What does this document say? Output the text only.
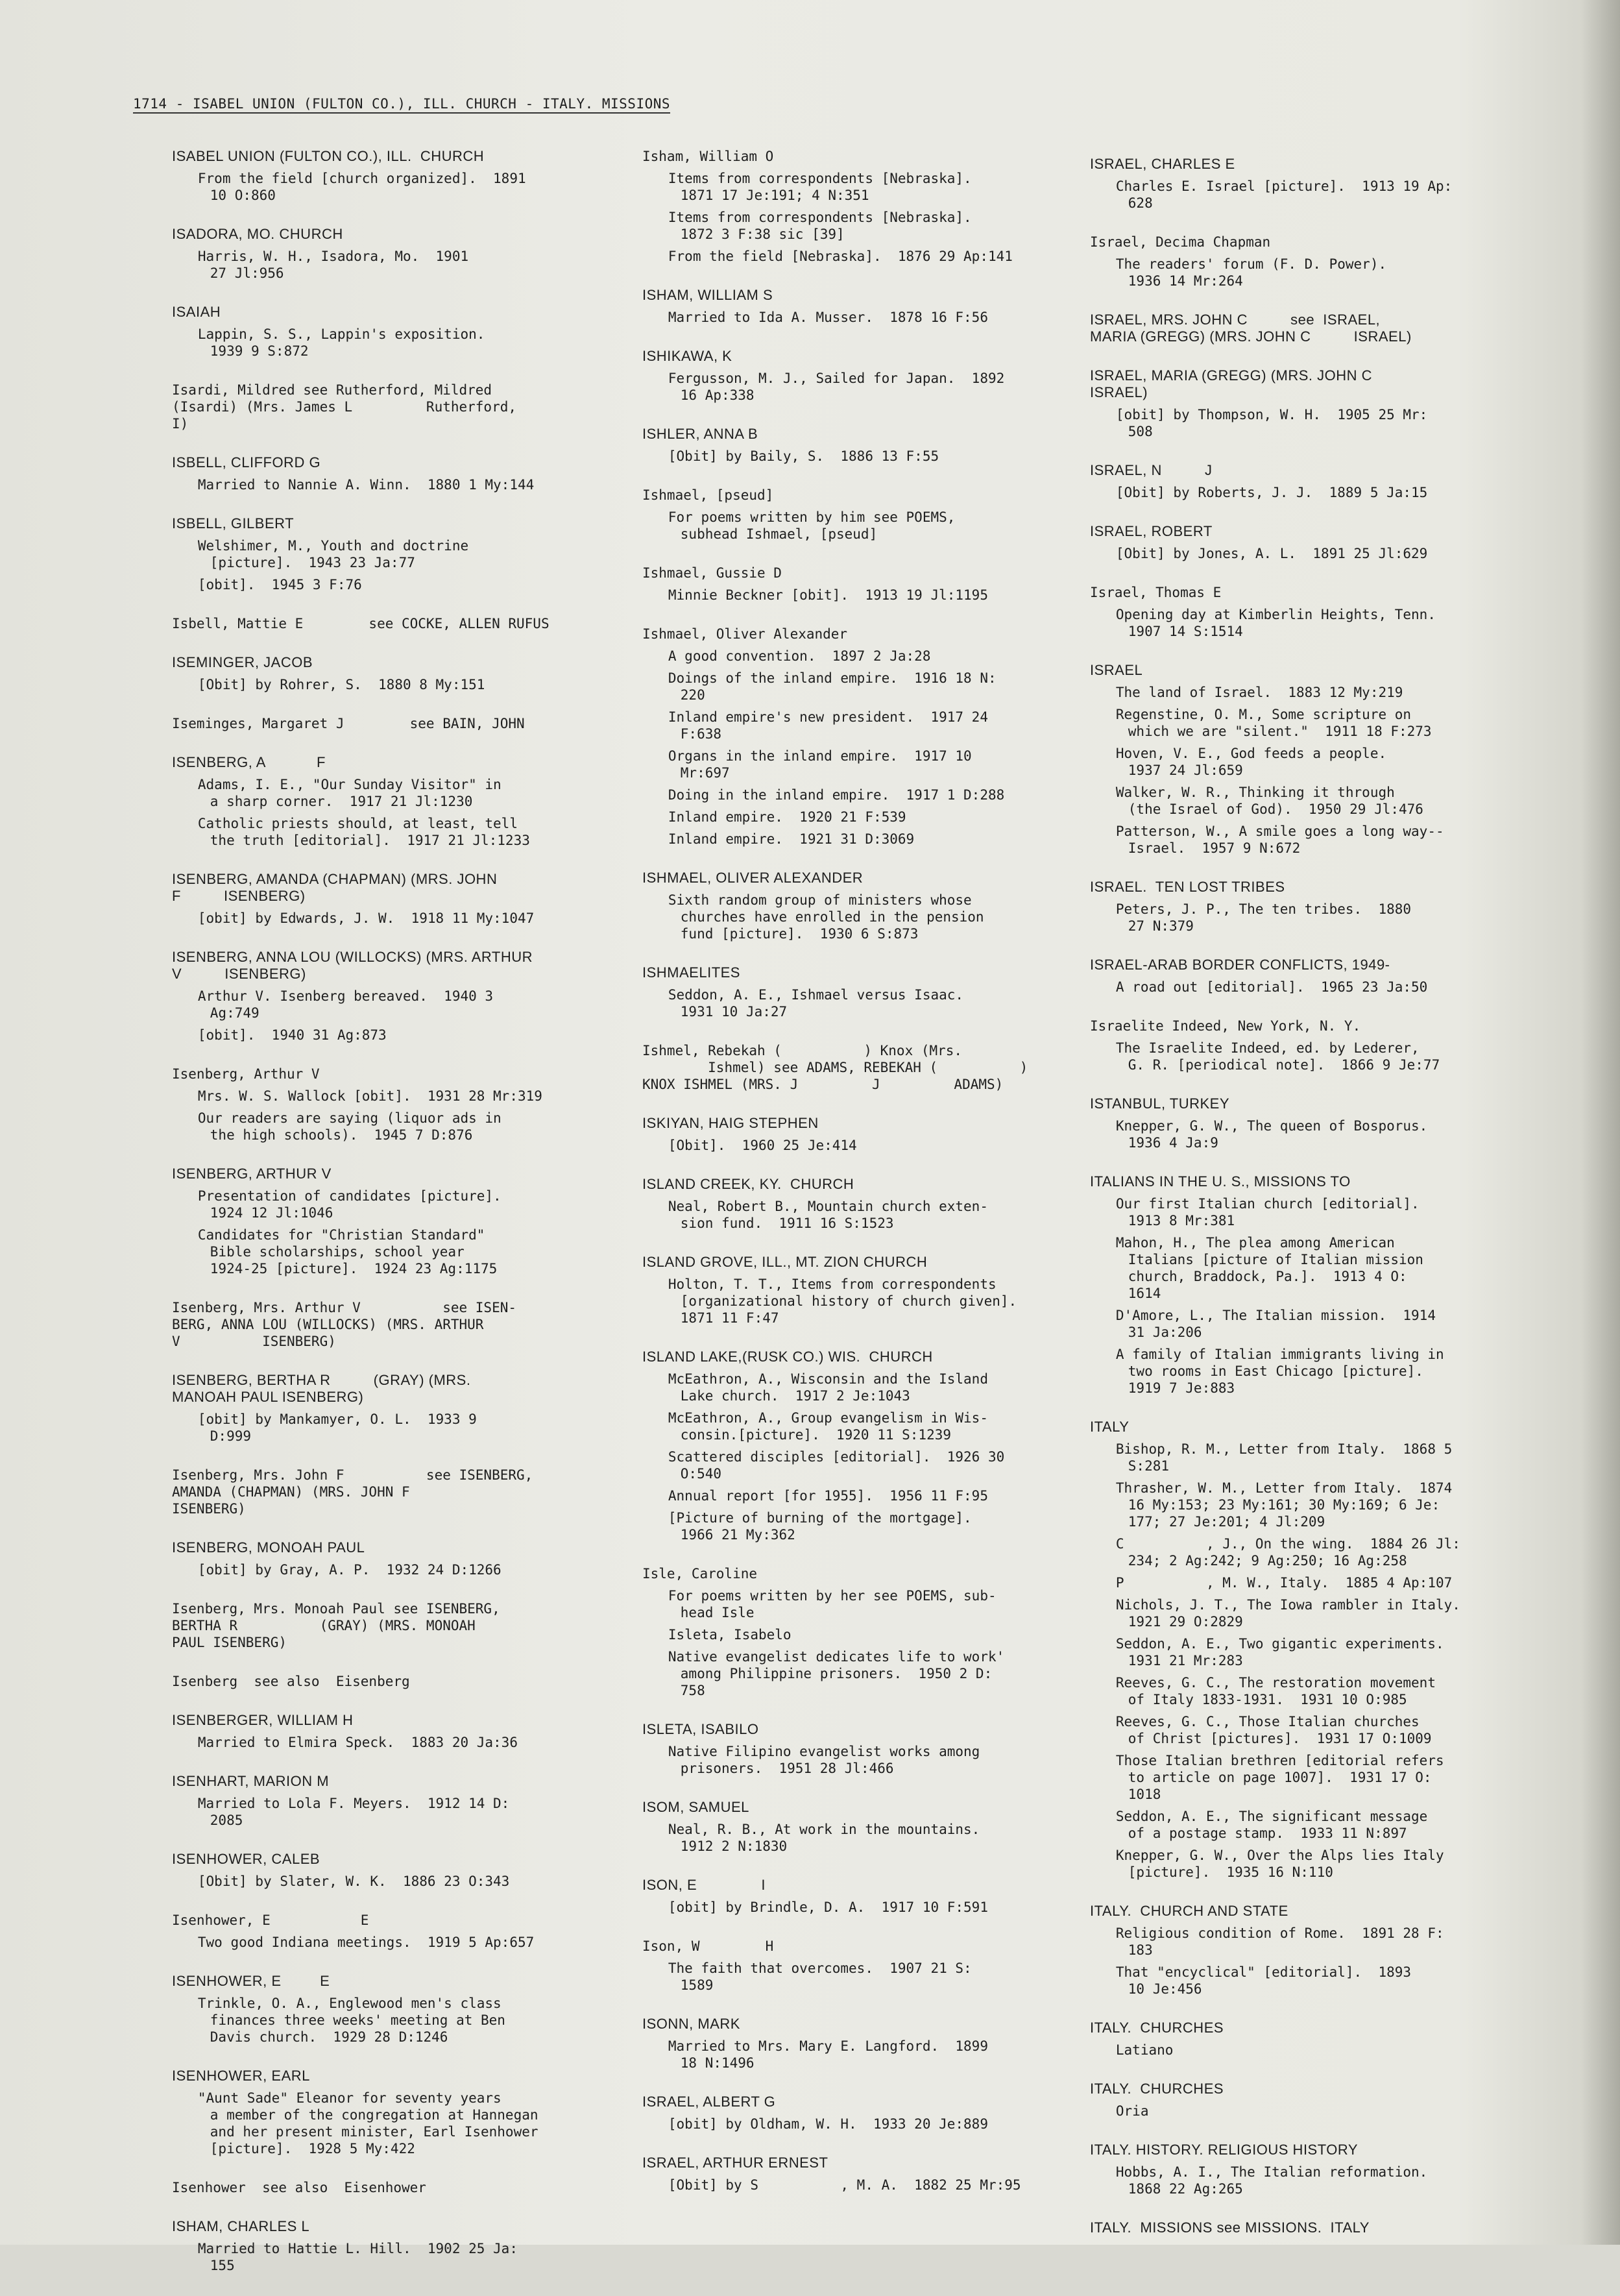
1714 - ISABEL UNION (FULTON CO.), ILL. CHURCH - ITALY. MISSIONS
ISABEL UNION (FULTON CO.), ILL.  CHURCH
From the field [church organized].  1891
10 O:860
ISADORA, MO. CHURCH
Harris, W. H., Isadora, Mo.  1901
27 Jl:956
ISAIAH
Lappin, S. S., Lappin's exposition.
1939 9 S:872
Isardi, Mildred see Rutherford, Mildred
(Isardi) (Mrs. James L         Rutherford,
I)
ISBELL, CLIFFORD G
Married to Nannie A. Winn.  1880 1 My:144
ISBELL, GILBERT
Welshimer, M., Youth and doctrine
[picture].  1943 23 Ja:77
[obit].  1945 3 F:76
Isbell, Mattie E        see COCKE, ALLEN RUFUS
ISEMINGER, JACOB
[Obit] by Rohrer, S.  1880 8 My:151
Iseminges, Margaret J        see BAIN, JOHN
ISENBERG, A            F
Adams, I. E., "Our Sunday Visitor" in
a sharp corner.  1917 21 Jl:1230
Catholic priests should, at least, tell
the truth [editorial].  1917 21 Jl:1233
ISENBERG, AMANDA (CHAPMAN) (MRS. JOHN
F          ISENBERG)
[obit] by Edwards, J. W.  1918 11 My:1047
ISENBERG, ANNA LOU (WILLOCKS) (MRS. ARTHUR
V          ISENBERG)
Arthur V. Isenberg bereaved.  1940 3
Ag:749
[obit].  1940 31 Ag:873
Isenberg, Arthur V
Mrs. W. S. Wallock [obit].  1931 28 Mr:319
Our readers are saying (liquor ads in
the high schools).  1945 7 D:876
ISENBERG, ARTHUR V
Presentation of candidates [picture].
1924 12 Jl:1046
Candidates for "Christian Standard"
Bible scholarships, school year
1924-25 [picture].  1924 23 Ag:1175
Isenberg, Mrs. Arthur V          see ISEN-
BERG, ANNA LOU (WILLOCKS) (MRS. ARTHUR
V          ISENBERG)
ISENBERG, BERTHA R          (GRAY) (MRS.
MANOAH PAUL ISENBERG)
[obit] by Mankamyer, O. L.  1933 9
D:999
Isenberg, Mrs. John F          see ISENBERG,
AMANDA (CHAPMAN) (MRS. JOHN F
ISENBERG)
ISENBERG, MONOAH PAUL
[obit] by Gray, A. P.  1932 24 D:1266
Isenberg, Mrs. Monoah Paul see ISENBERG,
BERTHA R          (GRAY) (MRS. MONOAH
PAUL ISENBERG)
Isenberg  see also  Eisenberg
ISENBERGER, WILLIAM H
Married to Elmira Speck.  1883 20 Ja:36
ISENHART, MARION M
Married to Lola F. Meyers.  1912 14 D:
2085
ISENHOWER, CALEB
[Obit] by Slater, W. K.  1886 23 O:343
Isenhower, E           E
Two good Indiana meetings.  1919 5 Ap:657
ISENHOWER, E         E
Trinkle, O. A., Englewood men's class
finances three weeks' meeting at Ben
Davis church.  1929 28 D:1246
ISENHOWER, EARL
"Aunt Sade" Eleanor for seventy years
a member of the congregation at Hannegan
and her present minister, Earl Isenhower
[picture].  1928 5 My:422
Isenhower  see also  Eisenhower
ISHAM, CHARLES L
Married to Hattie L. Hill.  1902 25 Ja:
155
Isham, William O
Items from correspondents [Nebraska].
1871 17 Je:191; 4 N:351
Items from correspondents [Nebraska].
1872 3 F:38 sic [39]
From the field [Nebraska].  1876 29 Ap:141
ISHAM, WILLIAM S
Married to Ida A. Musser.  1878 16 F:56
ISHIKAWA, K
Fergusson, M. J., Sailed for Japan.  1892
16 Ap:338
ISHLER, ANNA B
[Obit] by Baily, S.  1886 13 F:55
Ishmael, [pseud]
For poems written by him see POEMS,
subhead Ishmael, [pseud]
Ishmael, Gussie D
Minnie Beckner [obit].  1913 19 Jl:1195
Ishmael, Oliver Alexander
A good convention.  1897 2 Ja:28
Doings of the inland empire.  1916 18 N:
220
Inland empire's new president.  1917 24
F:638
Organs in the inland empire.  1917 10
Mr:697
Doing in the inland empire.  1917 1 D:288
Inland empire.  1920 21 F:539
Inland empire.  1921 31 D:3069
ISHMAEL, OLIVER ALEXANDER
Sixth random group of ministers whose
churches have enrolled in the pension
fund [picture].  1930 6 S:873
ISHMAELITES
Seddon, A. E., Ishmael versus Isaac.
1931 10 Ja:27
Ishmel, Rebekah (          ) Knox (Mrs.
Ishmel) see ADAMS, REBEKAH (          )
KNOX ISHMEL (MRS. J         J         ADAMS)
ISKIYAN, HAIG STEPHEN
[Obit].  1960 25 Je:414
ISLAND CREEK, KY.  CHURCH
Neal, Robert B., Mountain church exten-
sion fund.  1911 16 S:1523
ISLAND GROVE, ILL., MT. ZION CHURCH
Holton, T. T., Items from correspondents
[organizational history of church given].
1871 11 F:47
ISLAND LAKE,(RUSK CO.) WIS.  CHURCH
McEathron, A., Wisconsin and the Island
Lake church.  1917 2 Je:1043
McEathron, A., Group evangelism in Wis-
consin.[picture].  1920 11 S:1239
Scattered disciples [editorial].  1926 30
O:540
Annual report [for 1955].  1956 11 F:95
[Picture of burning of the mortgage].
1966 21 My:362
Isle, Caroline
For poems written by her see POEMS, sub-
head Isle
Isleta, Isabelo
Native evangelist dedicates life to work'
among Philippine prisoners.  1950 2 D:
758
ISLETA, ISABILO
Native Filipino evangelist works among
prisoners.  1951 28 Jl:466
ISOM, SAMUEL
Neal, R. B., At work in the mountains.
1912 2 N:1830
ISON, E               I
[obit] by Brindle, D. A.  1917 10 F:591
Ison, W        H
The faith that overcomes.  1907 21 S:
1589
ISONN, MARK
Married to Mrs. Mary E. Langford.  1899
18 N:1496
ISRAEL, ALBERT G
[obit] by Oldham, W. H.  1933 20 Je:889
ISRAEL, ARTHUR ERNEST
[Obit] by S          , M. A.  1882 25 Mr:95
ISRAEL, CHARLES E
Charles E. Israel [picture].  1913 19 Ap:
628
Israel, Decima Chapman
The readers' forum (F. D. Power).
1936 14 Mr:264
ISRAEL, MRS. JOHN C          see  ISRAEL,
MARIA (GREGG) (MRS. JOHN C          ISRAEL)
ISRAEL, MARIA (GREGG) (MRS. JOHN C
ISRAEL)
[obit] by Thompson, W. H.  1905 25 Mr:
508
ISRAEL, N          J
[Obit] by Roberts, J. J.  1889 5 Ja:15
ISRAEL, ROBERT
[Obit] by Jones, A. L.  1891 25 Jl:629
Israel, Thomas E
Opening day at Kimberlin Heights, Tenn.
1907 14 S:1514
ISRAEL
The land of Israel.  1883 12 My:219
Regenstine, O. M., Some scripture on
which we are "silent."  1911 18 F:273
Hoven, V. E., God feeds a people.
1937 24 Jl:659
Walker, W. R., Thinking it through
(the Israel of God).  1950 29 Jl:476
Patterson, W., A smile goes a long way--
Israel.  1957 9 N:672
ISRAEL.  TEN LOST TRIBES
Peters, J. P., The ten tribes.  1880
27 N:379
ISRAEL-ARAB BORDER CONFLICTS, 1949-
A road out [editorial].  1965 23 Ja:50
Israelite Indeed, New York, N. Y.
The Israelite Indeed, ed. by Lederer,
G. R. [periodical note].  1866 9 Je:77
ISTANBUL, TURKEY
Knepper, G. W., The queen of Bosporus.
1936 4 Ja:9
ITALIANS IN THE U. S., MISSIONS TO
Our first Italian church [editorial].
1913 8 Mr:381
Mahon, H., The plea among American
Italians [picture of Italian mission
church, Braddock, Pa.].  1913 4 O:
1614
D'Amore, L., The Italian mission.  1914
31 Ja:206
A family of Italian immigrants living in
two rooms in East Chicago [picture].
1919 7 Je:883
ITALY
Bishop, R. M., Letter from Italy.  1868 5
S:281
Thrasher, W. M., Letter from Italy.  1874
16 My:153; 23 My:161; 30 My:169; 6 Je:
177; 27 Je:201; 4 Jl:209
C          , J., On the wing.  1884 26 Jl:
234; 2 Ag:242; 9 Ag:250; 16 Ag:258
P          , M. W., Italy.  1885 4 Ap:107
Nichols, J. T., The Iowa rambler in Italy.
1921 29 O:2829
Seddon, A. E., Two gigantic experiments.
1931 21 Mr:283
Reeves, G. C., The restoration movement
of Italy 1833-1931.  1931 10 O:985
Reeves, G. C., Those Italian churches
of Christ [pictures].  1931 17 O:1009
Those Italian brethren [editorial refers
to article on page 1007].  1931 17 O:
1018
Seddon, A. E., The significant message
of a postage stamp.  1933 11 N:897
Knepper, G. W., Over the Alps lies Italy
[picture].  1935 16 N:110
ITALY.  CHURCH AND STATE
Religious condition of Rome.  1891 28 F:
183
That "encyclical" [editorial].  1893
10 Je:456
ITALY.  CHURCHES
Latiano
ITALY.  CHURCHES
Oria
ITALY. HISTORY. RELIGIOUS HISTORY
Hobbs, A. I., The Italian reformation.
1868 22 Ag:265
ITALY.  MISSIONS see MISSIONS.  ITALY
